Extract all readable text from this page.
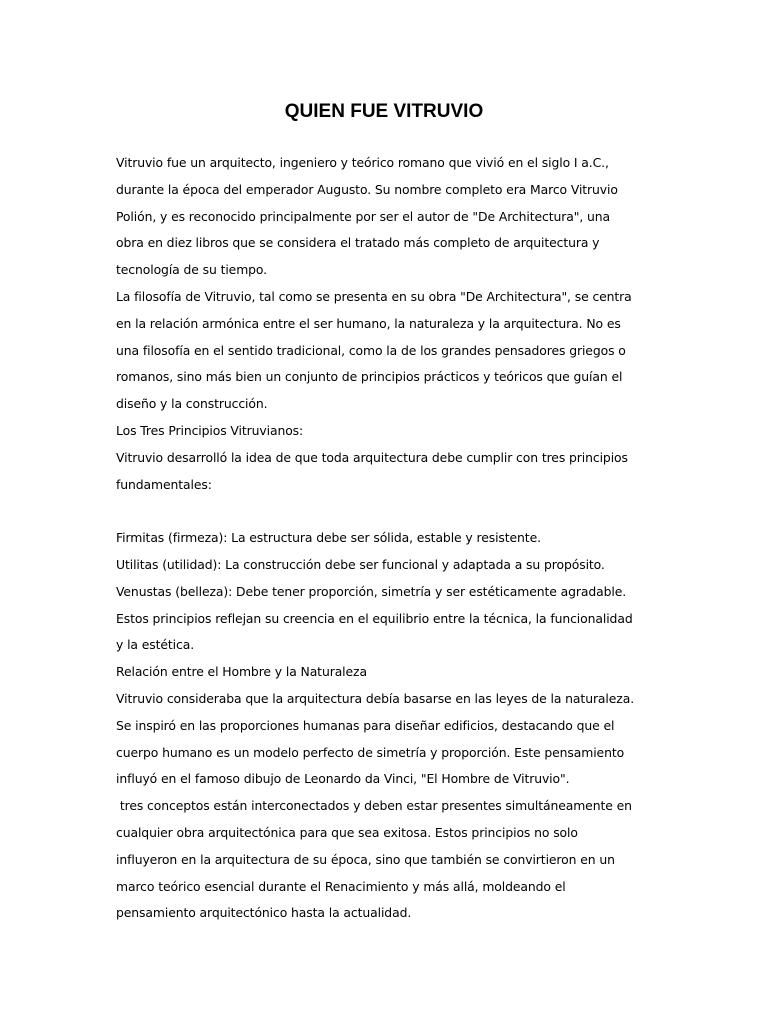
QUIEN FUE VITRUVIO
Vitruvio fue un arquitecto, ingeniero y teórico romano que vivió en el siglo I a.C.,
durante la época del emperador Augusto. Su nombre completo era Marco Vitruvio
Polión, y es reconocido principalmente por ser el autor de "De Architectura", una
obra en diez libros que se considera el tratado más completo de arquitectura y
tecnología de su tiempo.
La filosofía de Vitruvio, tal como se presenta en su obra "De Architectura", se centra
en la relación armónica entre el ser humano, la naturaleza y la arquitectura. No es
una filosofía en el sentido tradicional, como la de los grandes pensadores griegos o
romanos, sino más bien un conjunto de principios prácticos y teóricos que guían el
diseño y la construcción.
Los Tres Principios Vitruvianos:
Vitruvio desarrolló la idea de que toda arquitectura debe cumplir con tres principios
fundamentales:
Firmitas (firmeza): La estructura debe ser sólida, estable y resistente.
Utilitas (utilidad): La construcción debe ser funcional y adaptada a su propósito.
Venustas (belleza): Debe tener proporción, simetría y ser estéticamente agradable.
Estos principios reflejan su creencia en el equilibrio entre la técnica, la funcionalidad
y la estética.
Relación entre el Hombre y la Naturaleza
Vitruvio consideraba que la arquitectura debía basarse en las leyes de la naturaleza.
Se inspiró en las proporciones humanas para diseñar edificios, destacando que el
cuerpo humano es un modelo perfecto de simetría y proporción. Este pensamiento
influyó en el famoso dibujo de Leonardo da Vinci, "El Hombre de Vitruvio".
tres conceptos están interconectados y deben estar presentes simultáneamente en
cualquier obra arquitectónica para que sea exitosa. Estos principios no solo
influyeron en la arquitectura de su época, sino que también se convirtieron en un
marco teórico esencial durante el Renacimiento y más allá, moldeando el
pensamiento arquitectónico hasta la actualidad.
